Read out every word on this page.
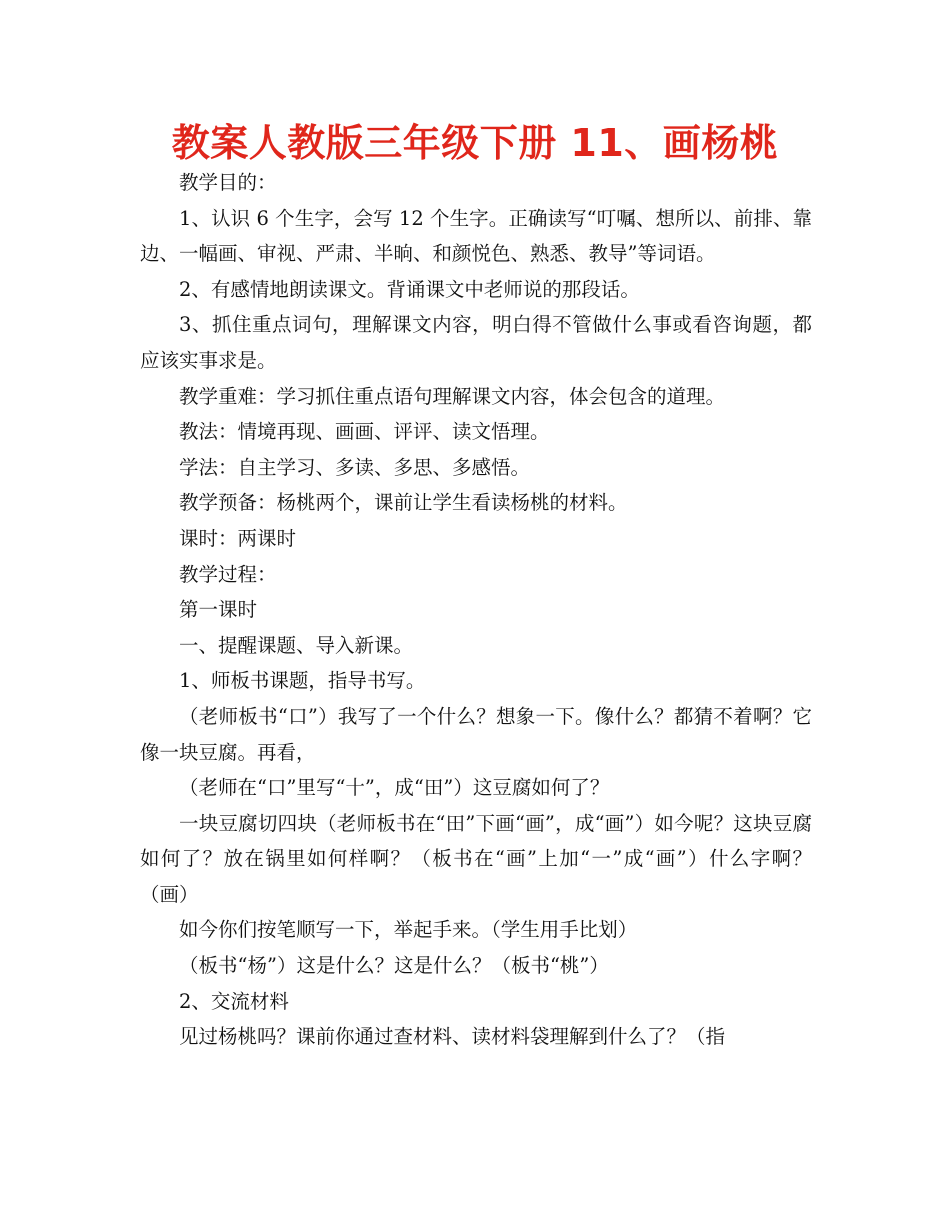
教案人教版三年级下册 11、画杨桃

教学目的：

1、认识 6 个生字，会写 12 个生字。正确读写“叮嘱、想所以、前排、靠边、一幅画、审视、严肃、半晌、和颜悦色、熟悉、教导”等词语。

2、有感情地朗读课文。背诵课文中老师说的那段话。

3、抓住重点词句，理解课文内容，明白得不管做什么事或看咨询题，都应该实事求是。

教学重难：学习抓住重点语句理解课文内容，体会包含的道理。

教法：情境再现、画画、评评、读文悟理。

学法：自主学习、多读、多思、多感悟。

教学预备：杨桃两个，课前让学生看读杨桃的材料。

课时：两课时

教学过程：

第一课时

一、提醒课题、导入新课。

1、师板书课题，指导书写。

（老师板书“口”）我写了一个什么？想象一下。像什么？都猜不着啊？它像一块豆腐。再看，

（老师在“口”里写“十”，成“田”）这豆腐如何了？

一块豆腐切四块（老师板书在“田”下画“画”，成“画”）如今呢？这块豆腐如何了？放在锅里如何样啊？（板书在“画”上加“一”成“画”）什么字啊？（画）

如今你们按笔顺写一下，举起手来。（学生用手比划）

（板书“杨”）这是什么？这是什么？（板书“桃”）

2、交流材料

见过杨桃吗？课前你通过查材料、读材料袋理解到什么了？（指
